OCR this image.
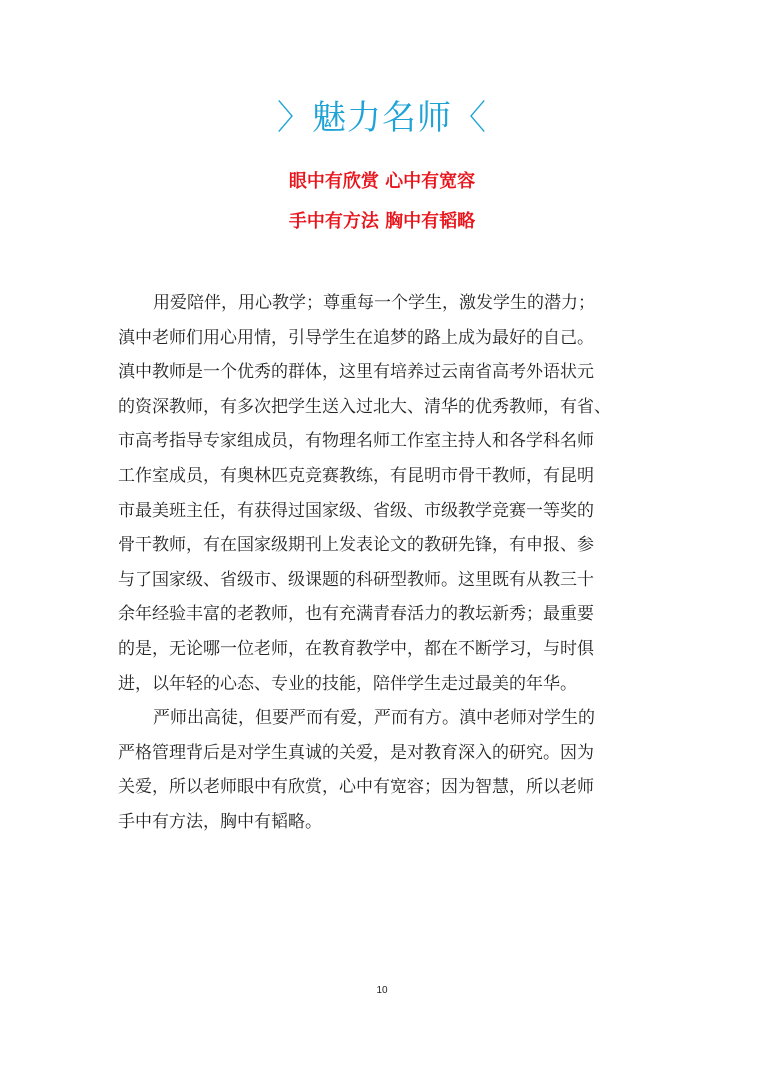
〉魅力名师〈
眼中有欣赏 心中有宽容
手中有方法 胸中有韬略
用爱陪伴，用心教学；尊重每一个学生，激发学生的潜力；
滇中老师们用心用情，引导学生在追梦的路上成为最好的自己。
滇中教师是一个优秀的群体，这里有培养过云南省高考外语状元
的资深教师，有多次把学生送入过北大、清华的优秀教师，有省、
市高考指导专家组成员，有物理名师工作室主持人和各学科名师
工作室成员，有奥林匹克竞赛教练，有昆明市骨干教师，有昆明
市最美班主任，有获得过国家级、省级、市级教学竞赛一等奖的
骨干教师，有在国家级期刊上发表论文的教研先锋，有申报、参
与了国家级、省级市、级课题的科研型教师。这里既有从教三十
余年经验丰富的老教师，也有充满青春活力的教坛新秀；最重要
的是，无论哪一位老师，在教育教学中，都在不断学习，与时俱
进，以年轻的心态、专业的技能，陪伴学生走过最美的年华。
严师出高徒，但要严而有爱，严而有方。滇中老师对学生的
严格管理背后是对学生真诚的关爱，是对教育深入的研究。因为
关爱，所以老师眼中有欣赏，心中有宽容；因为智慧，所以老师
手中有方法，胸中有韬略。
10
